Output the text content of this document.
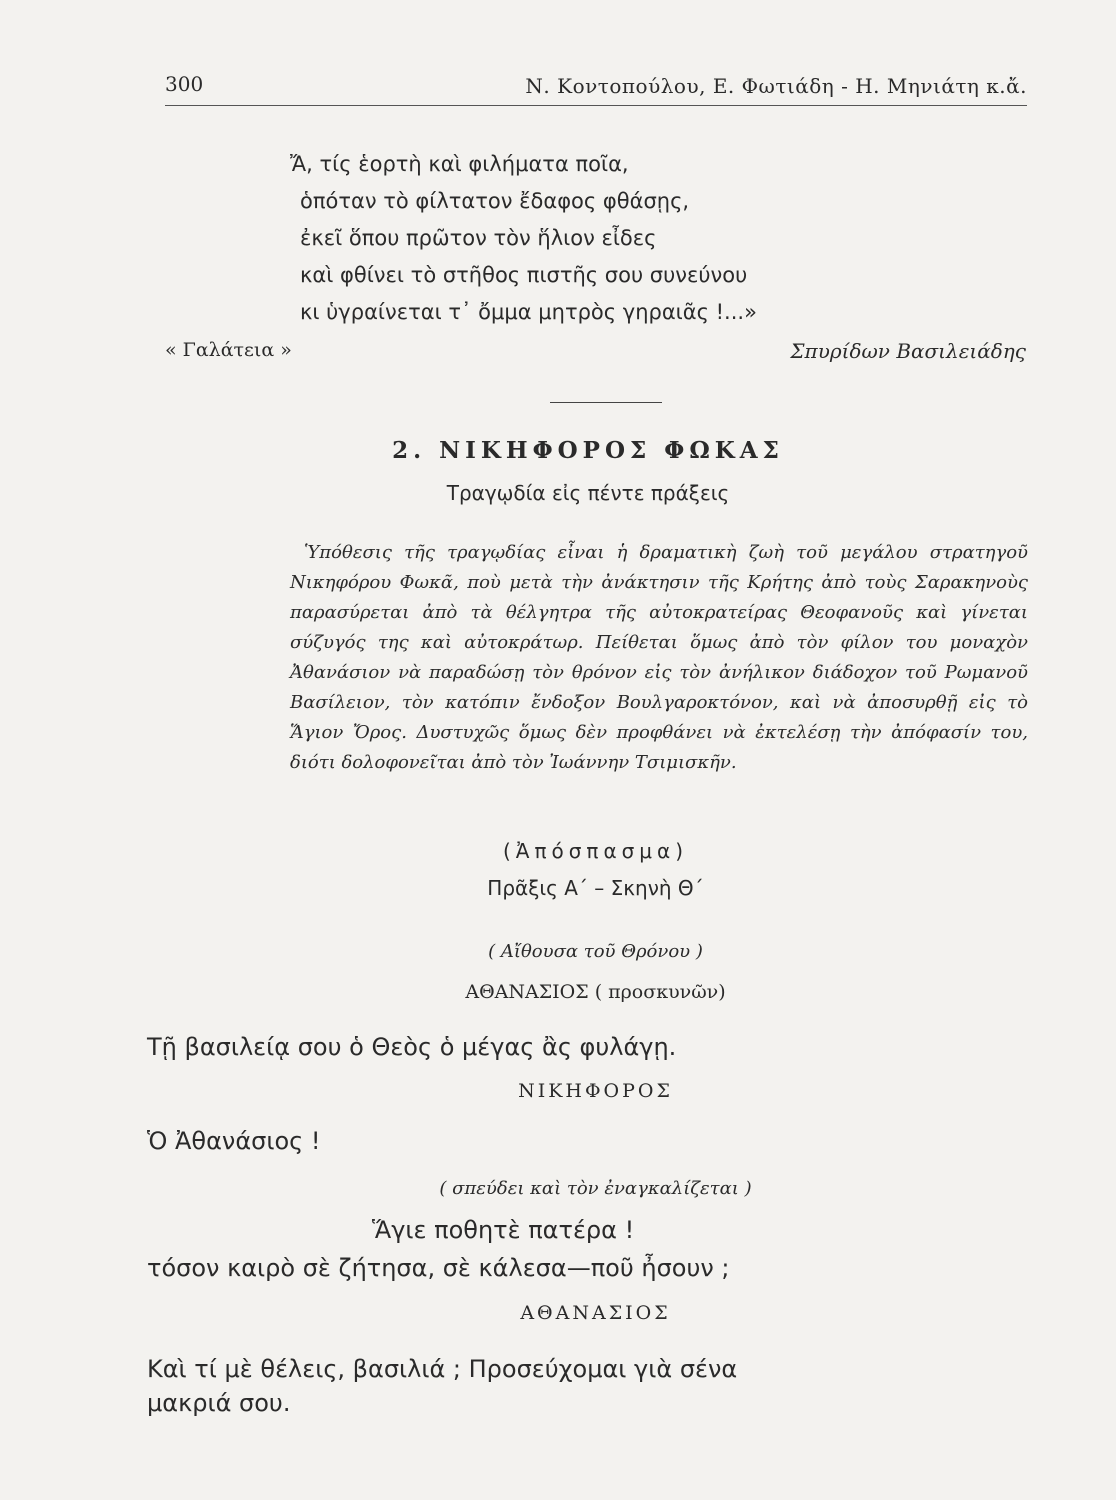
300	Ν. Κοντοπούλου, Ε. Φωτιάδη - Η. Μηνιάτη κ.ἄ.
Ἄ, τίς ἑορτὴ καὶ φιλήματα ποῖα,
ὁπόταν τὸ φίλτατον ἔδαφος φθάσῃς,
ἐκεῖ ὅπου πρῶτον τὸν ἥλιον εἶδες
καὶ φθίνει τὸ στῆθος πιστῆς σου συνεύνου
κι ὑγραίνεται τ᾽ ὄμμα μητρὸς γηραιᾶς !...»
« Γαλάτεια »	Σπυρίδων Βασιλειάδης
2. ΝΙΚΗΦΟΡΟΣ ΦΩΚΑΣ
Τραγῳδία εἰς πέντε πράξεις
Ὑπόθεσις τῆς τραγῳδίας εἶναι ἡ δραματικὴ ζωὴ τοῦ μεγάλου στρατηγοῦ Νικηφόρου Φωκᾶ, ποὺ μετὰ τὴν ἀνάκτησιν τῆς Κρήτης ἀπὸ τοὺς Σαρακηνοὺς παρασύρεται ἀπὸ τὰ θέλγητρα τῆς αὐτοκρατείρας Θεοφανοῦς καὶ γίνεται σύζυγός της καὶ αὐτοκράτωρ. Πείθεται ὅμως ἀπὸ τὸν φίλον του μοναχὸν Ἀθανάσιον νὰ παραδώσῃ τὸν θρόνον εἰς τὸν ἀνήλικον διάδοχον τοῦ Ρωμανοῦ Βασίλειον, τὸν κατόπιν ἔνδοξον Βουλγαροκτόνον, καὶ νὰ ἀποσυρθῇ εἰς τὸ Ἅγιον Ὄρος. Δυστυχῶς ὅμως δὲν προφθάνει νὰ ἐκτελέσῃ τὴν ἀπόφασίν του, διότι δολοφονεῖται ἀπὸ τὸν Ἰωάννην Τσιμισκῆν.
(Ἀπόσπασμα)
Πρᾶξις Α΄ – Σκηνὴ Θ΄
( Αἴθουσα τοῦ Θρόνου )
ΑΘΑΝΑΣΙΟΣ ( προσκυνῶν)
Τῇ βασιλείᾳ σου ὁ Θεὸς ὁ μέγας ἂς φυλάγῃ.
ΝΙΚΗΦΟΡΟΣ
Ὁ Ἀθανάσιος !
( σπεύδει καὶ τὸν ἐναγκαλίζεται )
Ἅγιε ποθητὲ πατέρα !
τόσον καιρὸ σὲ ζήτησα, σὲ κάλεσα—ποῦ ἦσουν ;
ΑΘΑΝΑΣΙΟΣ
Καὶ τί μὲ θέλεις, βασιλιά ; Προσεύχομαι γιὰ σένα
μακριά σου.
